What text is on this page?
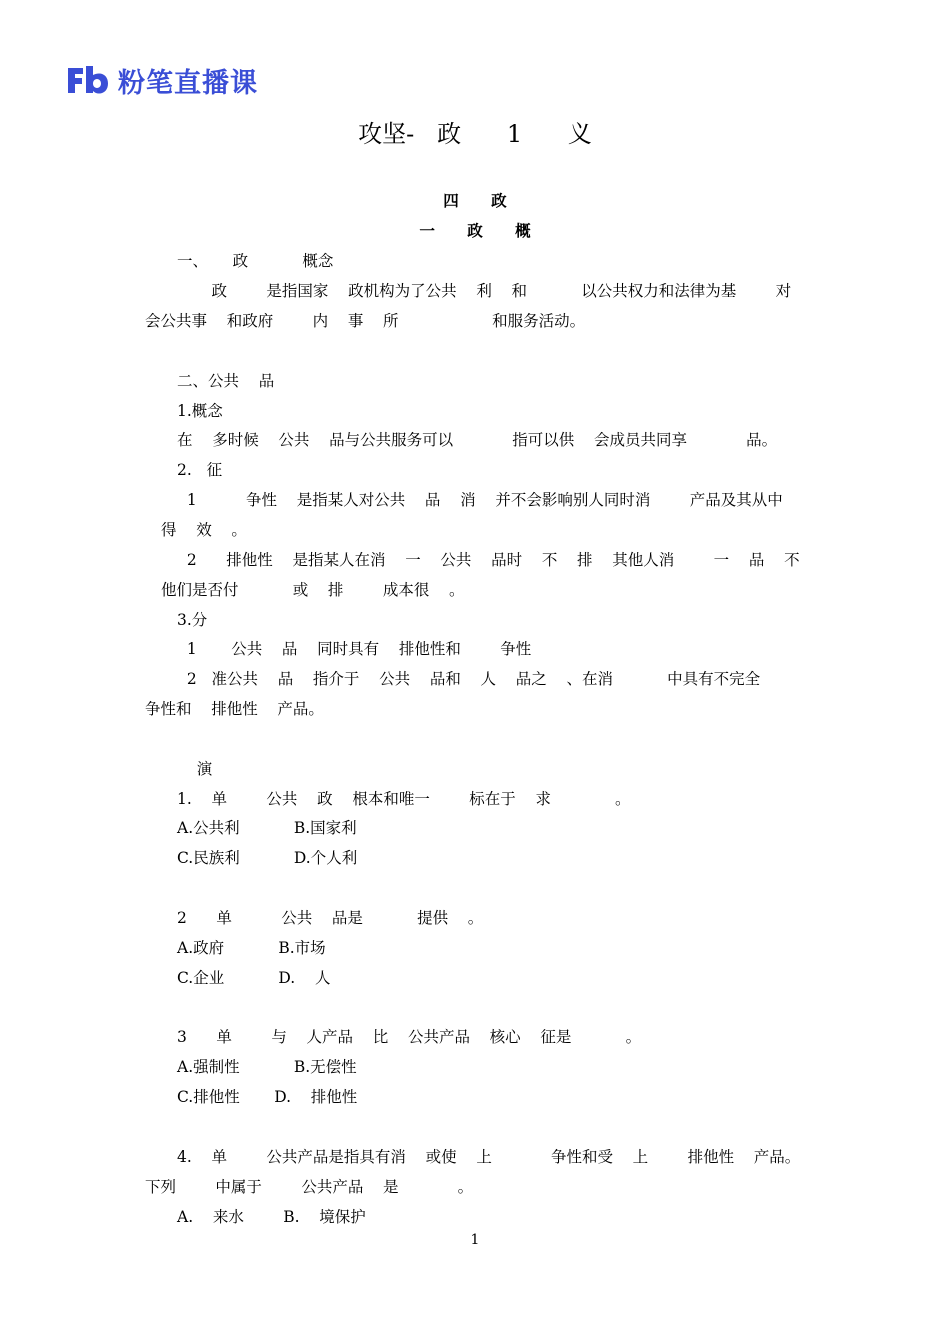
粉笔直播课
攻坚-   政      1      义
四      政
一      政      概
一、     政           概念
政        是指国家    政机构为了公共    利    和           以公共权力和法律为基        对
会公共事    和政府        内    事    所                   和服务活动。
二、公共    品
1.概念
在    多时候    公共    品与公共服务可以            指可以供    会成员共同享            品。
2.   征
1          争性    是指某人对公共    品    消    并不会影响别人同时消        产品及其从中
得    效    。
2      排他性    是指某人在消    一    公共    品时    不    排    其他人消        一    品    不
他们是否付           或    排        成本很    。
3.分
1       公共    品    同时具有    排他性和        争性
2   准公共    品    指介于    公共    品和    人    品之    、在消           中具有不完全
争性和    排他性    产品。
演
1.    单        公共    政    根本和唯一        标在于    求             。
A.公共利           B.国家利
C.民族利           D.个人利
2      单          公共    品是           提供    。
A.政府           B.市场
C.企业           D.    人
3      单        与    人产品    比    公共产品    核心    征是           。
A.强制性           B.无偿性
C.排他性       D.    排他性
4.    单        公共产品是指具有消    或使    上            争性和受    上        排他性    产品。
下列        中属于        公共产品    是            。
A.    来水        B.    境保护
1
